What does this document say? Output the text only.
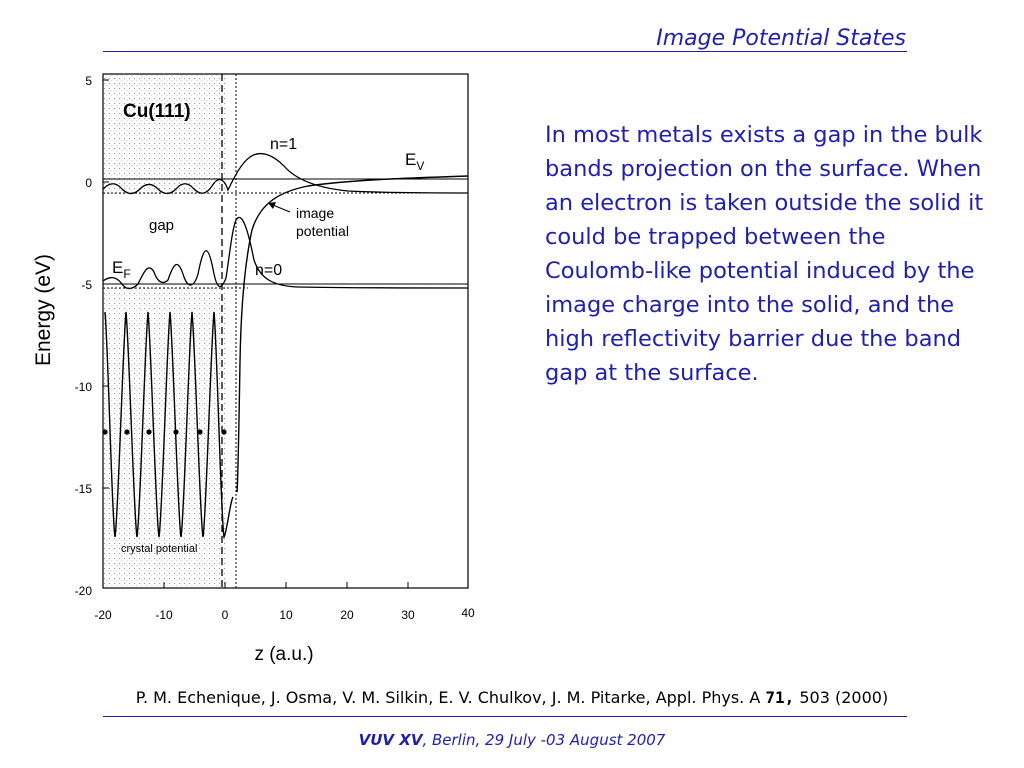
Image Potential States
5
0
-5
-10
-15
-20
-20	-10	0	10	20	30	40
Energy (eV)
z (a.u.)
Cu(111)
n=1
n=0
$E_V$
$E_F$
gap
image
potential
crystal potential
In most metals exists a gap in the bulk bands projection on the surface. When an electron is taken outside the solid it could be trapped between the Coulomb-like potential induced by the image charge into the solid, and the high reflectivity barrier due the band gap at the surface.
P. M. Echenique, J. Osma, V. M. Silkin, E. V. Chulkov, J. M. Pitarke, Appl. Phys. A 71, 503 (2000)
VUV XV, Berlin, 29 July -03 August 2007
